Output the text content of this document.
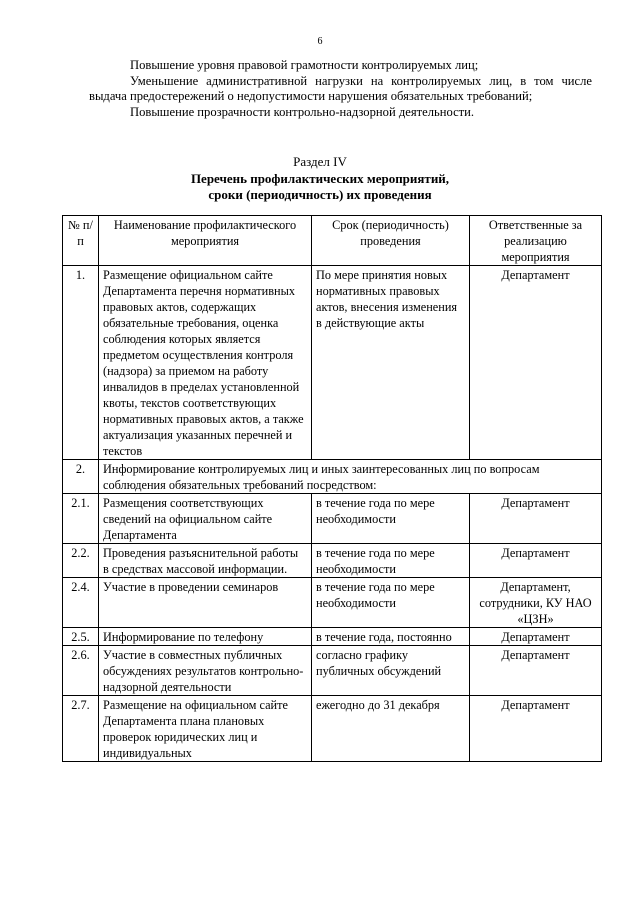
6

Повышение уровня правовой грамотности контролируемых лиц;

Уменьшение административной нагрузки на контролируемых лиц, в том числе выдача предостережений о недопустимости нарушения обязательных требований;

Повышение прозрачности контрольно-надзорной деятельности.

Раздел IV
Перечень профилактических мероприятий,
сроки (периодичность) их проведения
№ п/п	Наименование профилактического мероприятия	Срок (периодичность) проведения	Ответственные за реализацию мероприятия
1.	Размещение официальном сайте Департамента перечня нормативных правовых актов, содержащих обязательные требования, оценка соблюдения которых является предметом осуществления контроля (надзора) за приемом на работу инвалидов в пределах установленной квоты, текстов соответствующих нормативных правовых актов, а также актуализация указанных перечней и текстов	По мере принятия новых нормативных правовых актов, внесения изменения в действующие акты	Департамент
2.	Информирование контролируемых лиц и иных заинтересованных лиц по вопросам соблюдения обязательных требований посредством:		
2.1.	Размещения соответствующих сведений на официальном сайте Департамента	в течение года по мере необходимости	Департамент
2.2.	Проведения разъяснительной работы в средствах массовой информации.	в течение года по мере необходимости	Департамент
2.4.	Участие в проведении семинаров	в течение года по мере необходимости	Департамент, сотрудники, КУ НАО «ЦЗН»
2.5.	Информирование по телефону	в течение года, постоянно	Департамент
2.6.	Участие в совместных публичных обсуждениях результатов контрольно-надзорной деятельности	согласно графику публичных обсуждений	Департамент
2.7.	Размещение на официальном сайте Департамента плана плановых проверок юридических лиц и индивидуальных	ежегодно до 31 декабря	Департамент
